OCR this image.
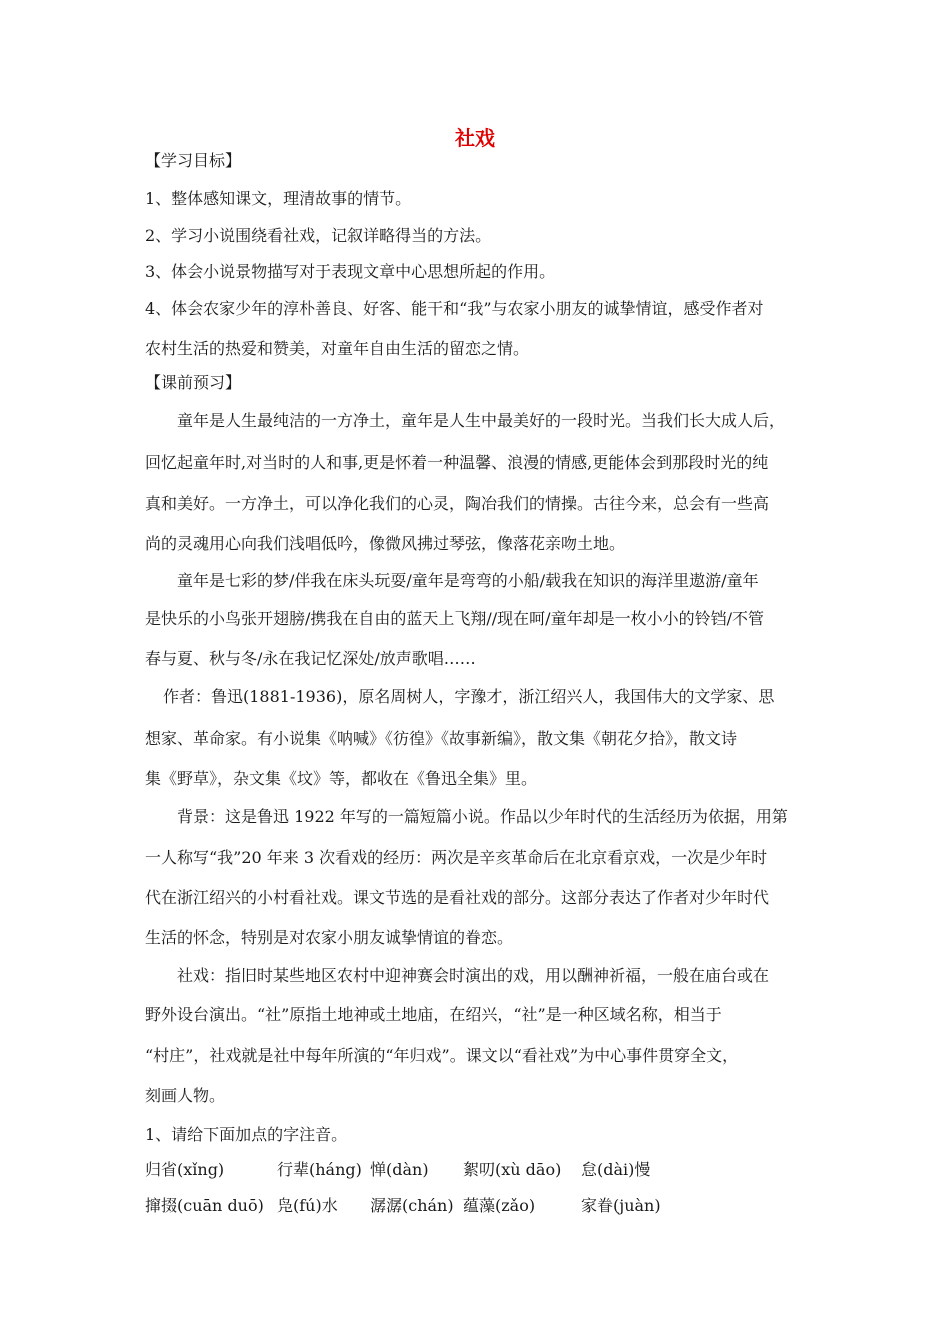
社戏
【学习目标】
1、整体感知课文，理清故事的情节。
2、学习小说围绕看社戏，记叙详略得当的方法。
3、体会小说景物描写对于表现文章中心思想所起的作用。
4、体会农家少年的淳朴善良、好客、能干和“我”与农家小朋友的诚挚情谊，感受作者对
农村生活的热爱和赞美，对童年自由生活的留恋之情。
【课前预习】
童年是人生最纯洁的一方净土，童年是人生中最美好的一段时光。当我们长大成人后，
回忆起童年时,对当时的人和事,更是怀着一种温馨、浪漫的情感,更能体会到那段时光的纯
真和美好。一方净土，可以净化我们的心灵，陶冶我们的情操。古往今来，总会有一些高
尚的灵魂用心向我们浅唱低吟，像微风拂过琴弦，像落花亲吻土地。
童年是七彩的梦/伴我在床头玩耍/童年是弯弯的小船/载我在知识的海洋里遨游/童年
是快乐的小鸟张开翅膀/携我在自由的蓝天上飞翔//现在呵/童年却是一枚小小的铃铛/不管
春与夏、秋与冬/永在我记忆深处/放声歌唱……
作者：鲁迅(1881-1936)，原名周树人，字豫才，浙江绍兴人，我国伟大的文学家、思
想家、革命家。有小说集《呐喊》《彷徨》《故事新编》，散文集《朝花夕拾》，散文诗
集《野草》，杂文集《坟》等，都收在《鲁迅全集》里。
背景：这是鲁迅 1922 年写的一篇短篇小说。作品以少年时代的生活经历为依据，用第
一人称写“我”20 年来 3 次看戏的经历：两次是辛亥革命后在北京看京戏，一次是少年时
代在浙江绍兴的小村看社戏。课文节选的是看社戏的部分。这部分表达了作者对少年时代
生活的怀念，特别是对农家小朋友诚挚情谊的眷恋。
社戏：指旧时某些地区农村中迎神赛会时演出的戏，用以酬神祈福，一般在庙台或在
野外设台演出。“社”原指土地神或土地庙，在绍兴，“社”是一种区域名称，相当于
“村庄”，社戏就是社中每年所演的“年归戏”。课文以“看社戏”为中心事件贯穿全文，
刻画人物。
1、请给下面加点的字注音。
归省(xǐng)	行辈(háng) 惮(dàn) 絮叨(xù dāo) 怠(dài)慢
撺掇(cuān duō) 凫(fú)水 潺潺(chán) 蕴藻(zǎo)	家眷(juàn)
